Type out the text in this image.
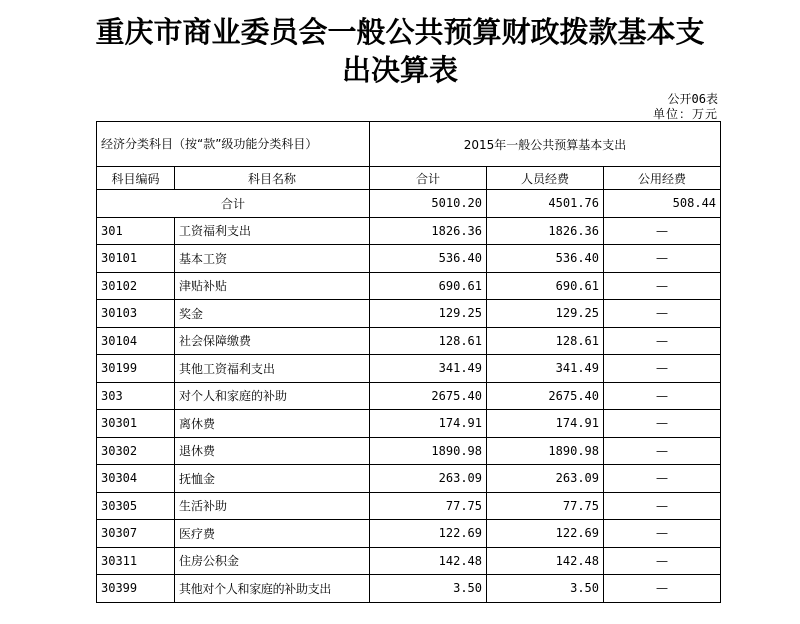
重庆市商业委员会一般公共预算财政拨款基本支
出决算表
公开06表
单位：万元
经济分类科目（按“款”级功能分类科目）		2015年一般公共预算基本支出		
科目编码	科目名称	合计	人员经费	公用经费
合计		5010.20	4501.76	508.44
301	工资福利支出	1826.36	1826.36	—
30101	基本工资	536.40	536.40	—
30102	津贴补贴	690.61	690.61	—
30103	奖金	129.25	129.25	—
30104	社会保障缴费	128.61	128.61	—
30199	其他工资福利支出	341.49	341.49	—
303	对个人和家庭的补助	2675.40	2675.40	—
30301	离休费	174.91	174.91	—
30302	退休费	1890.98	1890.98	—
30304	抚恤金	263.09	263.09	—
30305	生活补助	77.75	77.75	—
30307	医疗费	122.69	122.69	—
30311	住房公积金	142.48	142.48	—
30399	其他对个人和家庭的补助支出	3.50	3.50	—
